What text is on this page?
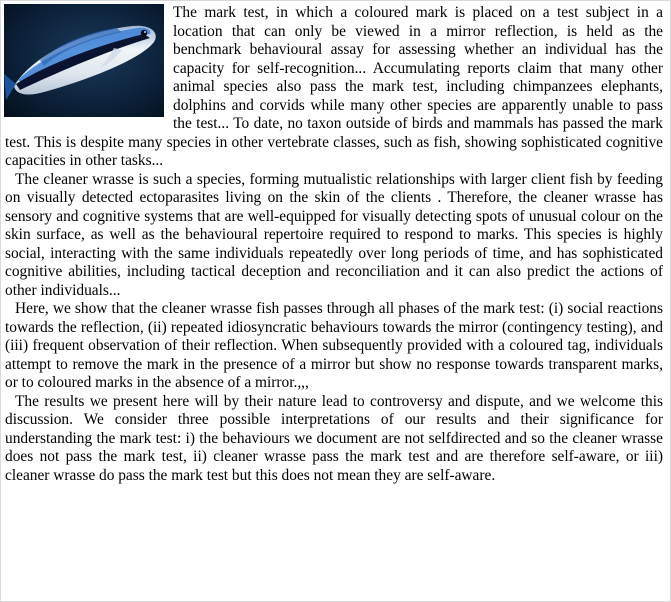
The mark test, in which a coloured mark is placed on a test subject in a location that can only be viewed in a mirror reflection, is held as the benchmark behavioural assay for assessing whether an individual has the capacity for self-recognition... Accumulating reports claim that many other animal species also pass the mark test, including chimpanzees elephants, dolphins and corvids while many other species are apparently unable to pass the test... To date, no taxon outside of birds and mammals has passed the mark test. This is despite many species in other vertebrate classes, such as fish, showing sophisticated cognitive capacities in other tasks...

The cleaner wrasse is such a species, forming mutualistic relationships with larger client fish by feeding on visually detected ectoparasites living on the skin of the clients . Therefore, the cleaner wrasse has sensory and cognitive systems that are well-equipped for visually detecting spots of unusual colour on the skin surface, as well as the behavioural repertoire required to respond to marks. This species is highly social, interacting with the same individuals repeatedly over long periods of time, and has sophisticated cognitive abilities, including tactical deception and reconciliation and it can also predict the actions of other individuals...

Here, we show that the cleaner wrasse fish passes through all phases of the mark test: (i) social reactions towards the reflection, (ii) repeated idiosyncratic behaviours towards the mirror (contingency testing), and (iii) frequent observation of their reflection. When subsequently provided with a coloured tag, individuals attempt to remove the mark in the presence of a mirror but show no response towards transparent marks, or to coloured marks in the absence of a mirror.,,,

The results we present here will by their nature lead to controversy and dispute, and we welcome this discussion. We consider three possible interpretations of our results and their significance for understanding the mark test: i) the behaviours we document are not selfdirected and so the cleaner wrasse does not pass the mark test, ii) cleaner wrasse pass the mark test and are therefore self-aware, or iii) cleaner wrasse do pass the mark test but this does not mean they are self-aware.
